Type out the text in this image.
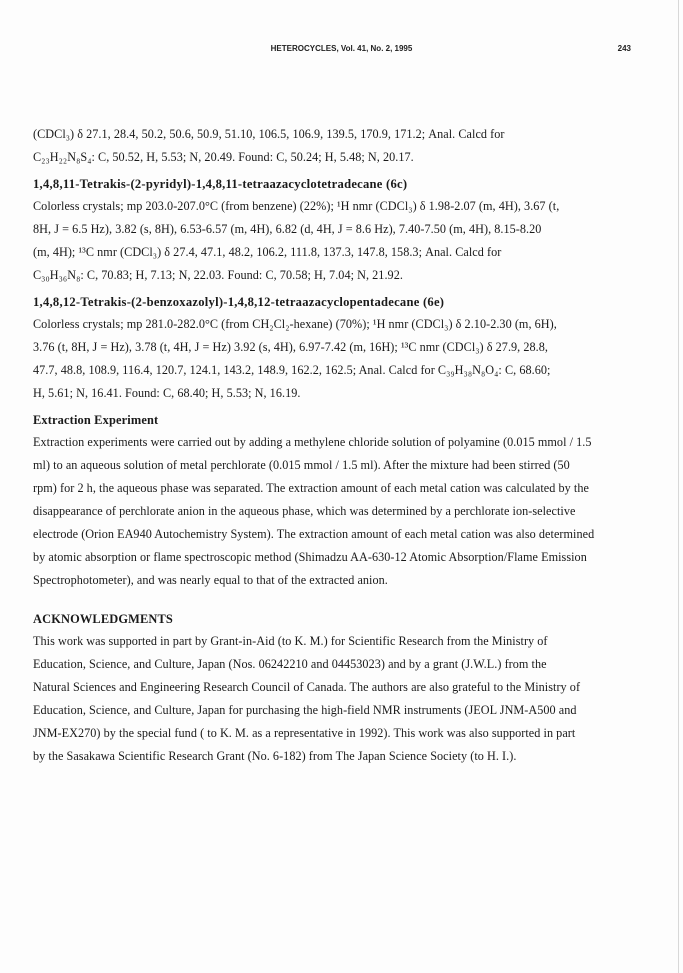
HETEROCYCLES, Vol. 41, No. 2, 1995	243

(CDCl₃) δ 27.1, 28.4, 50.2, 50.6, 50.9, 51.10, 106.5, 106.9, 139.5, 170.9, 171.2; Anal. Calcd for

C₂₃H₂₂N₈S₄: C, 50.52, H, 5.53; N, 20.49. Found: C, 50.24; H, 5.48; N, 20.17.

1,4,8,11-Tetrakis-(2-pyridyl)-1,4,8,11-tetraazacyclotetradecane (6c)

Colorless crystals; mp 203.0-207.0°C (from benzene) (22%); ¹H nmr (CDCl₃) δ 1.98-2.07 (m, 4H), 3.67 (t,

8H, J = 6.5 Hz), 3.82 (s, 8H), 6.53-6.57 (m, 4H), 6.82 (d, 4H, J = 8.6 Hz), 7.40-7.50 (m, 4H), 8.15-8.20

(m, 4H); ¹³C nmr (CDCl₃) δ 27.4, 47.1, 48.2, 106.2, 111.8, 137.3, 147.8, 158.3; Anal. Calcd for

C₃₀H₃₆N₈: C, 70.83; H, 7.13; N, 22.03. Found: C, 70.58; H, 7.04; N, 21.92.

1,4,8,12-Tetrakis-(2-benzoxazolyl)-1,4,8,12-tetraazacyclopentadecane (6e)

Colorless crystals; mp 281.0-282.0°C (from CH₂Cl₂-hexane) (70%); ¹H nmr (CDCl₃) δ 2.10-2.30 (m, 6H),

3.76 (t, 8H, J = Hz), 3.78 (t, 4H, J = Hz) 3.92 (s, 4H), 6.97-7.42 (m, 16H); ¹³C nmr (CDCl₃) δ 27.9, 28.8,

47.7, 48.8, 108.9, 116.4, 120.7, 124.1, 143.2, 148.9, 162.2, 162.5; Anal. Calcd for C₃₉H₃₈N₈O₄: C, 68.60;

H, 5.61; N, 16.41. Found: C, 68.40; H, 5.53; N, 16.19.

Extraction Experiment

Extraction experiments were carried out by adding a methylene chloride solution of polyamine (0.015 mmol / 1.5

ml) to an aqueous solution of metal perchlorate (0.015 mmol / 1.5 ml). After the mixture had been stirred (50

rpm) for 2 h, the aqueous phase was separated. The extraction amount of each metal cation was calculated by the

disappearance of perchlorate anion in the aqueous phase, which was determined by a perchlorate ion-selective

electrode (Orion EA940 Autochemistry System). The extraction amount of each metal cation was also determined

by atomic absorption or flame spectroscopic method (Shimadzu AA-630-12 Atomic Absorption/Flame Emission

Spectrophotometer), and was nearly equal to that of the extracted anion.

ACKNOWLEDGMENTS

This work was supported in part by Grant-in-Aid (to K. M.) for Scientific Research from the Ministry of

Education, Science, and Culture, Japan (Nos. 06242210 and 04453023) and by a grant (J.W.L.) from the

Natural Sciences and Engineering Research Council of Canada. The authors are also grateful to the Ministry of

Education, Science, and Culture, Japan for purchasing the high-field NMR instruments (JEOL JNM-A500 and

JNM-EX270) by the special fund ( to K. M. as a representative in 1992). This work was also supported in part

by the Sasakawa Scientific Research Grant (No. 6-182) from The Japan Science Society (to H. I.).
